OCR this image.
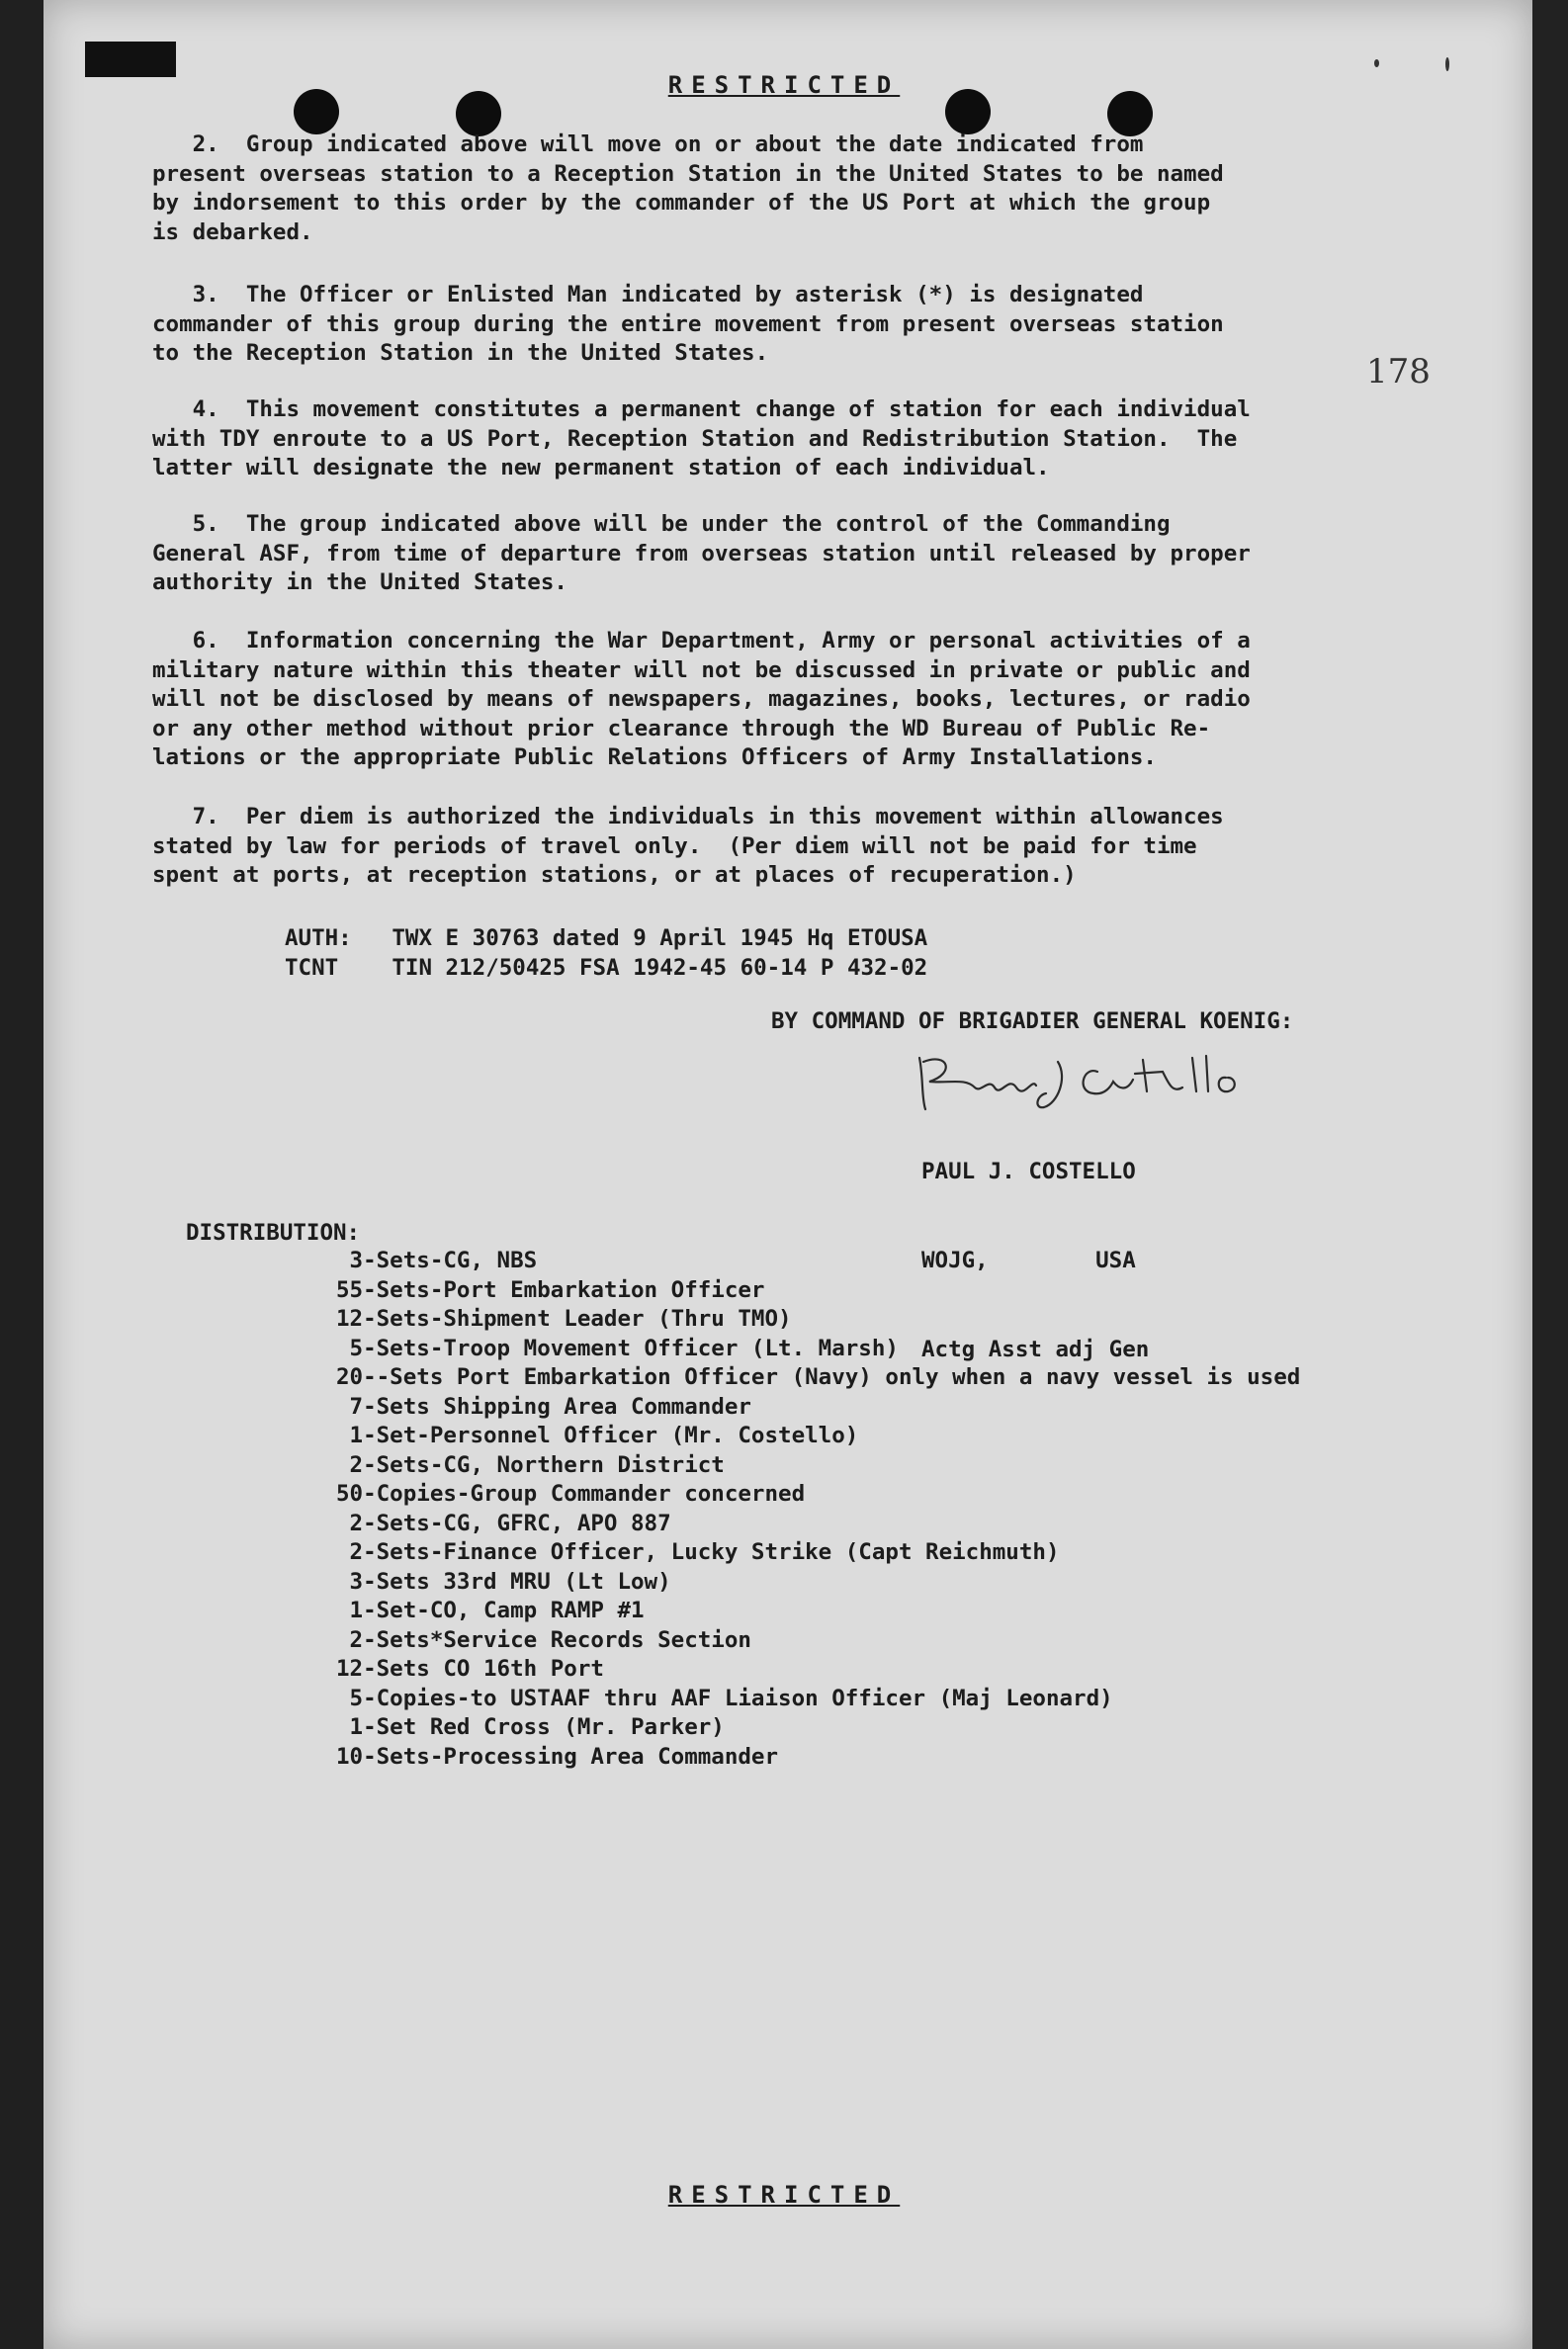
RESTRICTED
178
2.  Group indicated above will move on or about the date indicated from
present overseas station to a Reception Station in the United States to be named
by indorsement to this order by the commander of the US Port at which the group
is debarked.
3.  The Officer or Enlisted Man indicated by asterisk (*) is designated
commander of this group during the entire movement from present overseas station
to the Reception Station in the United States.
4.  This movement constitutes a permanent change of station for each individual
with TDY enroute to a US Port, Reception Station and Redistribution Station.  The
latter will designate the new permanent station of each individual.
5.  The group indicated above will be under the control of the Commanding
General ASF, from time of departure from overseas station until released by proper
authority in the United States.
6.  Information concerning the War Department, Army or personal activities of a
military nature within this theater will not be discussed in private or public and
will not be disclosed by means of newspapers, magazines, books, lectures, or radio
or any other method without prior clearance through the WD Bureau of Public Re-
lations or the appropriate Public Relations Officers of Army Installations.
7.  Per diem is authorized the individuals in this movement within allowances
stated by law for periods of travel only.  (Per diem will not be paid for time
spent at ports, at reception stations, or at places of recuperation.)
AUTH:   TWX E 30763 dated 9 April 1945 Hq ETOUSA
TCNT    TIN 212/50425 FSA 1942-45 60-14 P 432-02
BY COMMAND OF BRIGADIER GENERAL KOENIG:

PAUL J. COSTELLO

WOJG,        USA

Actg Asst adj Gen

DISTRIBUTION:
3-Sets-CG, NBS
55-Sets-Port Embarkation Officer
12-Sets-Shipment Leader (Thru TMO)
5-Sets-Troop Movement Officer (Lt. Marsh)
20--Sets Port Embarkation Officer (Navy) only when a navy vessel is used
7-Sets Shipping Area Commander
1-Set-Personnel Officer (Mr. Costello)
2-Sets-CG, Northern District
50-Copies-Group Commander concerned
2-Sets-CG, GFRC, APO 887
2-Sets-Finance Officer, Lucky Strike (Capt Reichmuth)
3-Sets 33rd MRU (Lt Low)
1-Set-CO, Camp RAMP #1
2-Sets*Service Records Section
12-Sets CO 16th Port
5-Copies-to USTAAF thru AAF Liaison Officer (Maj Leonard)
1-Set Red Cross (Mr. Parker)
10-Sets-Processing Area Commander
RESTRICTED
